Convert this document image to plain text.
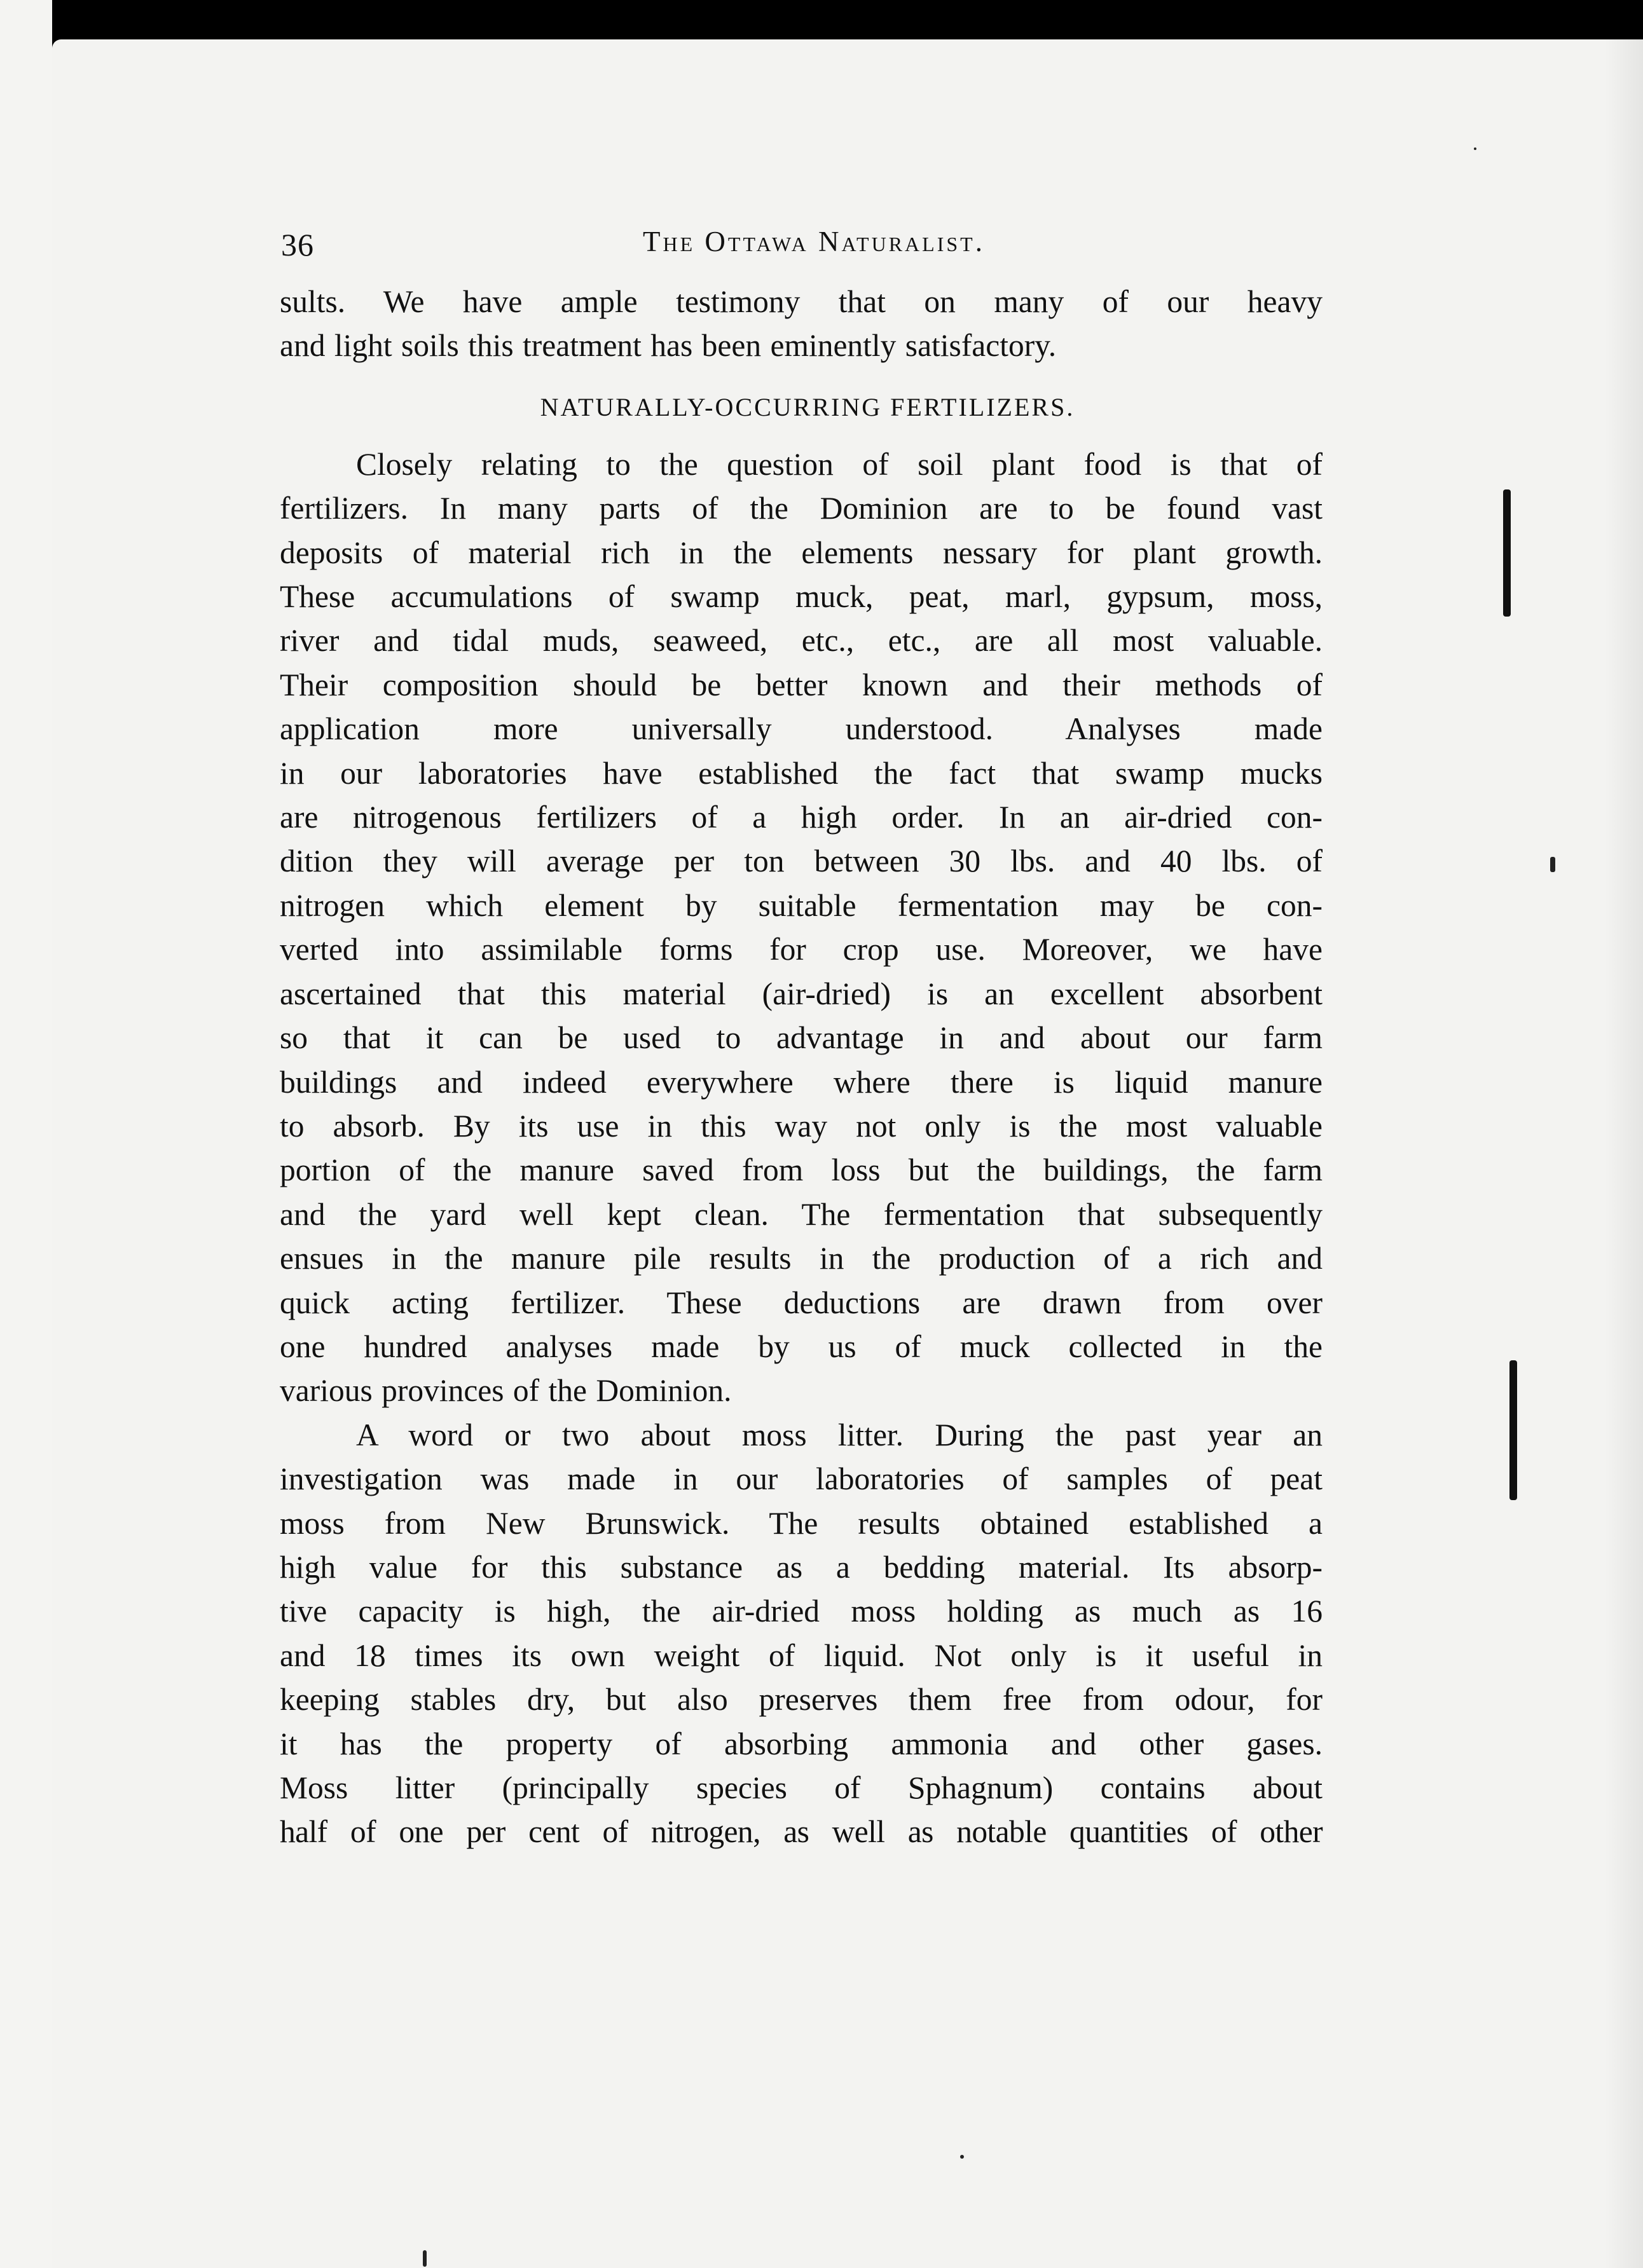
36	The Ottawa Naturalist.

sults. We have ample testimony that on many of our heavy

and light soils this treatment has been eminently satisfactory.

NATURALLY-OCCURRING FERTILIZERS.

Closely relating to the question of soil plant food is that of

fertilizers. In many parts of the Dominion are to be found vast

deposits of material rich in the elements nessary for plant growth.

These accumulations of swamp muck, peat, marl, gypsum, moss,

river and tidal muds, seaweed, etc., etc., are all most valuable.

Their composition should be better known and their methods of

application more universally understood. Analyses made

in our laboratories have established the fact that swamp mucks

are nitrogenous fertilizers of a high order. In an air-dried con-

dition they will average per ton between 30 lbs. and 40 lbs. of

nitrogen which element by suitable fermentation may be con-

verted into assimilable forms for crop use. Moreover, we have

ascertained that this material (air-dried) is an excellent absorbent

so that it can be used to advantage in and about our farm

buildings and indeed everywhere where there is liquid manure

to absorb. By its use in this way not only is the most valuable

portion of the manure saved from loss but the buildings, the farm

and the yard well kept clean. The fermentation that subsequently

ensues in the manure pile results in the production of a rich and

quick acting fertilizer. These deductions are drawn from over

one hundred analyses made by us of muck collected in the

various provinces of the Dominion.

A word or two about moss litter. During the past year an

investigation was made in our laboratories of samples of peat

moss from New Brunswick. The results obtained established a

high value for this substance as a bedding material. Its absorp-

tive capacity is high, the air-dried moss holding as much as 16

and 18 times its own weight of liquid. Not only is it useful in

keeping stables dry, but also preserves them free from odour, for

it has the property of absorbing ammonia and other gases.

Moss litter (principally species of Sphagnum) contains about

half of one per cent of nitrogen, as well as notable quantities of other
